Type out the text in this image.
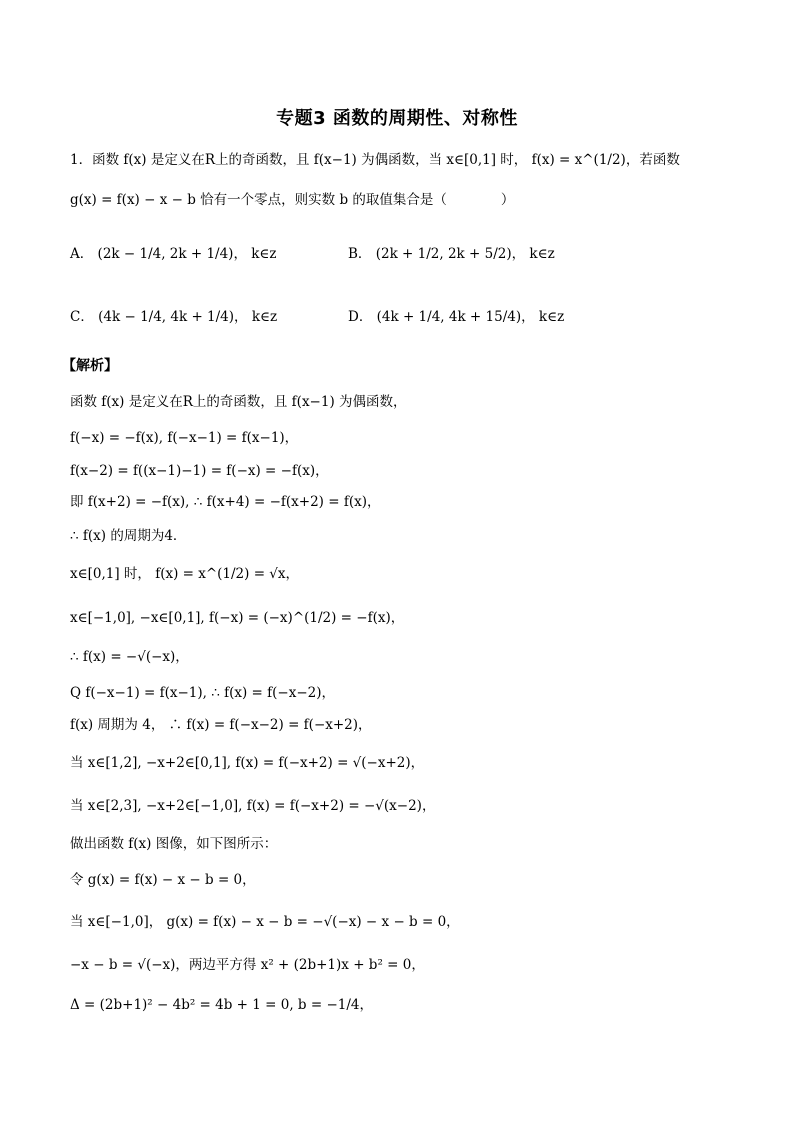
专题3 函数的周期性、对称性
1．函数 f(x) 是定义在R上的奇函数，且 f(x−1) 为偶函数，当 x∈[0,1] 时， f(x) = x^(1/2)，若函数
g(x) = f(x) − x − b 恰有一个零点，则实数 b 的取值集合是（　　　　）
A． (2k − 1/4, 2k + 1/4)， k∈z	B． (2k + 1/2, 2k + 5/2)， k∈z
C． (4k − 1/4, 4k + 1/4)， k∈z	D． (4k + 1/4, 4k + 15/4)， k∈z
【解析】
函数 f(x) 是定义在R上的奇函数，且 f(x−1) 为偶函数，
f(−x) = −f(x), f(−x−1) = f(x−1)，
f(x−2) = f((x−1)−1) = f(−x) = −f(x)，
即 f(x+2) = −f(x), ∴ f(x+4) = −f(x+2) = f(x)，
∴ f(x) 的周期为4．
x∈[0,1] 时， f(x) = x^(1/2) = √x，
x∈[−1,0], −x∈[0,1], f(−x) = (−x)^(1/2) = −f(x)，
∴ f(x) = −√(−x)，
Q f(−x−1) = f(x−1), ∴ f(x) = f(−x−2)，
f(x) 周期为 4， ∴ f(x) = f(−x−2) = f(−x+2)，
当 x∈[1,2], −x+2∈[0,1], f(x) = f(−x+2) = √(−x+2)，
当 x∈[2,3], −x+2∈[−1,0], f(x) = f(−x+2) = −√(x−2)，
做出函数 f(x) 图像，如下图所示：
令 g(x) = f(x) − x − b = 0，
当 x∈[−1,0]， g(x) = f(x) − x − b = −√(−x) − x − b = 0，
−x − b = √(−x)，两边平方得 x² + (2b+1)x + b² = 0，
Δ = (2b+1)² − 4b² = 4b + 1 = 0, b = −1/4，
